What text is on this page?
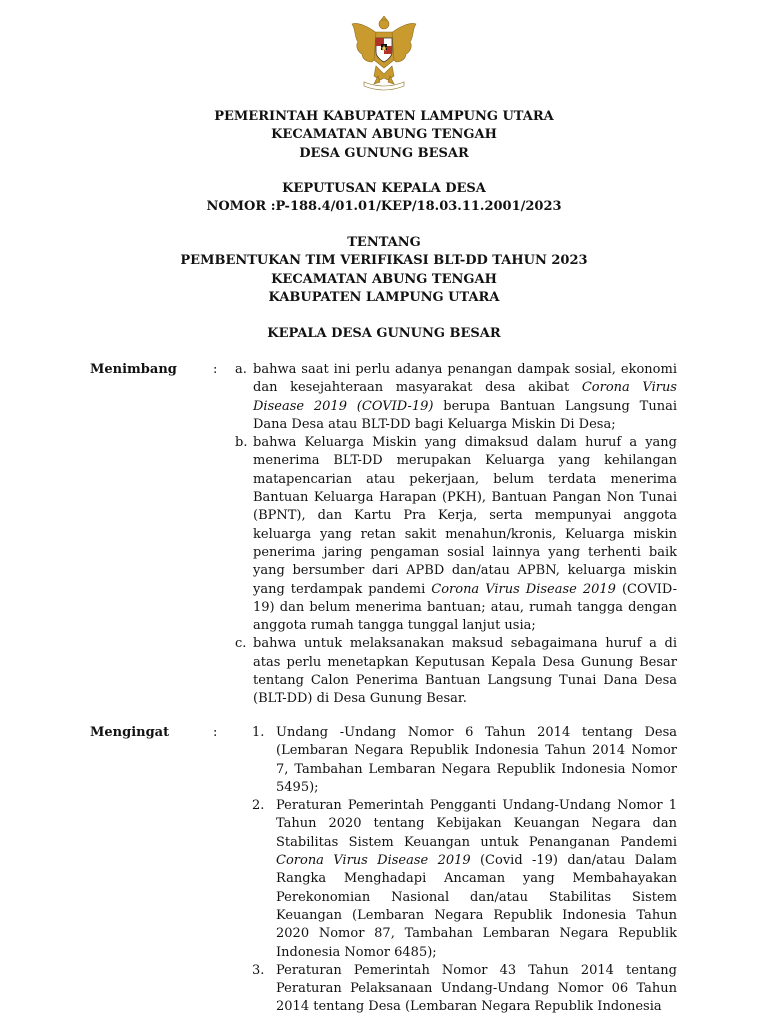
PEMERINTAH KABUPATEN LAMPUNG UTARA
KECAMATAN ABUNG TENGAH
DESA GUNUNG BESAR
KEPUTUSAN KEPALA DESA
NOMOR :P-188.4/01.01/KEP/18.03.11.2001/2023
TENTANG
PEMBENTUKAN TIM VERIFIKASI BLT-DD TAHUN 2023
KECAMATAN ABUNG TENGAH
KABUPATEN LAMPUNG UTARA
KEPALA DESA GUNUNG BESAR
Menimbang	: a. bahwa saat ini perlu adanya penangan dampak sosial, ekonomi dan kesejahteraan masyarakat desa akibat Corona Virus Disease 2019 (COVID-19) berupa Bantuan Langsung Tunai Dana Desa atau BLT-DD bagi Keluarga Miskin Di Desa;
b. bahwa Keluarga Miskin yang dimaksud dalam huruf a yang menerima BLT-DD merupakan Keluarga yang kehilangan matapencarian atau pekerjaan, belum terdata menerima Bantuan Keluarga Harapan (PKH), Bantuan Pangan Non Tunai (BPNT), dan Kartu Pra Kerja, serta mempunyai anggota keluarga yang retan sakit menahun/kronis, Keluarga miskin penerima jaring pengaman sosial lainnya yang terhenti baik yang bersumber dari APBD dan/atau APBN, keluarga miskin yang terdampak pandemi Corona Virus Disease 2019 (COVID-19) dan belum menerima bantuan; atau, rumah tangga dengan anggota rumah tangga tunggal lanjut usia;
c. bahwa untuk melaksanakan maksud sebagaimana huruf a di atas perlu menetapkan Keputusan Kepala Desa Gunung Besar tentang Calon Penerima Bantuan Langsung Tunai Dana Desa (BLT-DD) di Desa Gunung Besar.
Mengingat	:	1. Undang -Undang Nomor 6 Tahun 2014 tentang Desa (Lembaran Negara Republik Indonesia Tahun 2014 Nomor 7, Tambahan Lembaran Negara Republik Indonesia Nomor 5495);
2. Peraturan Pemerintah Pengganti Undang-Undang Nomor 1 Tahun 2020 tentang Kebijakan Keuangan Negara dan Stabilitas Sistem Keuangan untuk Penanganan Pandemi Corona Virus Disease 2019 (Covid -19) dan/atau Dalam Rangka Menghadapi Ancaman yang Membahayakan Perekonomian Nasional dan/atau Stabilitas Sistem Keuangan (Lembaran Negara Republik Indonesia Tahun 2020 Nomor 87, Tambahan Lembaran Negara Republik Indonesia Nomor 6485);
3. Peraturan Pemerintah Nomor 43 Tahun 2014 tentang Peraturan Pelaksanaan Undang-Undang Nomor 06 Tahun 2014 tentang Desa (Lembaran Negara Republik Indonesia
